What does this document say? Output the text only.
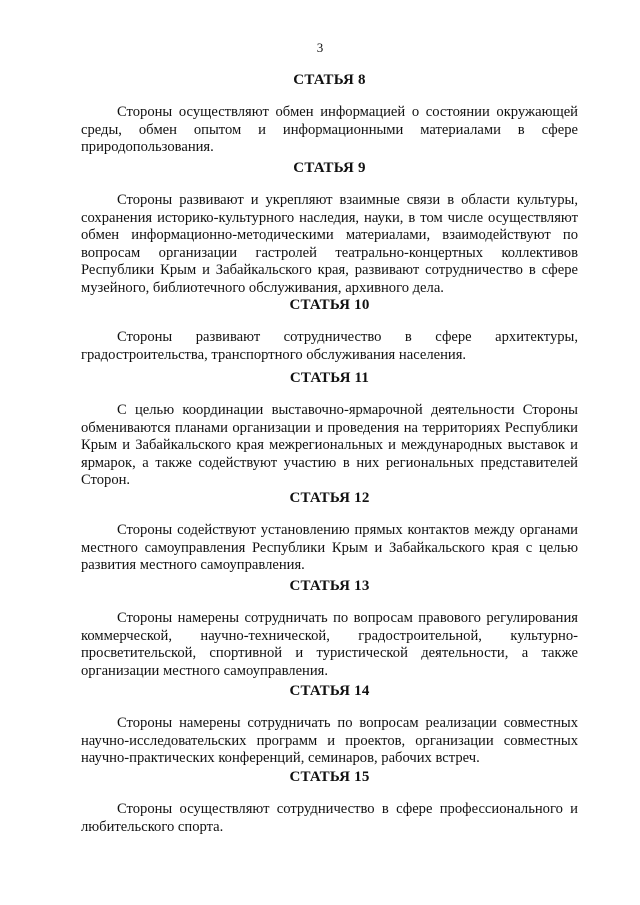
3
СТАТЬЯ 8

Стороны осуществляют обмен информацией о состоянии окружающей среды, обмен опытом и информационными материалами в сфере природопользования.

СТАТЬЯ 9

Стороны развивают и укрепляют взаимные связи в области культуры, сохранения историко-культурного наследия, науки, в том числе осуществляют обмен информационно-методическими материалами, взаимодействуют по вопросам организации гастролей театрально-концертных коллективов Республики Крым и Забайкальского края, развивают сотрудничество в сфере музейного, библиотечного обслуживания, архивного дела.

СТАТЬЯ 10

Стороны развивают сотрудничество в сфере архитектуры, градостроительства, транспортного обслуживания населения.

СТАТЬЯ 11

С целью координации выставочно-ярмарочной деятельности Стороны обмениваются планами организации и проведения на территориях Республики Крым и Забайкальского края межрегиональных и международных выставок и ярмарок, а также содействуют участию в них региональных представителей Сторон.

СТАТЬЯ 12

Стороны содействуют установлению прямых контактов между органами местного самоуправления Республики Крым и Забайкальского края с целью развития местного самоуправления.

СТАТЬЯ 13

Стороны намерены сотрудничать по вопросам правового регулирования коммерческой, научно-технической, градостроительной, культурно-просветительской, спортивной и туристической деятельности, а также организации местного самоуправления.

СТАТЬЯ 14

Стороны намерены сотрудничать по вопросам реализации совместных научно-исследовательских программ и проектов, организации совместных научно-практических конференций, семинаров, рабочих встреч.

СТАТЬЯ 15

Стороны осуществляют сотрудничество в сфере профессионального и любительского спорта.
